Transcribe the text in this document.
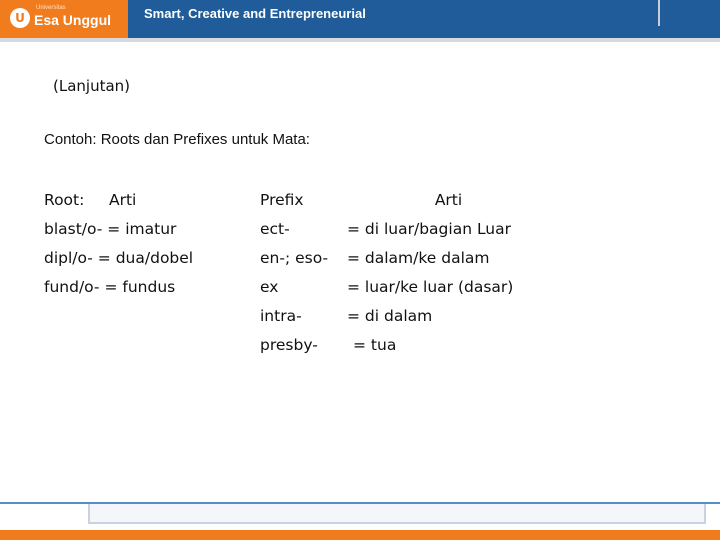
U
Universitas
Esa Unggul	Smart, Creative and Entrepreneurial
(Lanjutan)
Contoh: Roots dan Prefixes untuk Mata:
Root: Arti
blast/o- = imatur
dipl/o- = dua/dobel
fund/o- = fundus
Prefix	Arti
ect-
en-; eso-
ex
intra-
presby-
= di luar/bagian Luar
= dalam/ke dalam
= luar/ke luar (dasar)
= di dalam
= tua
